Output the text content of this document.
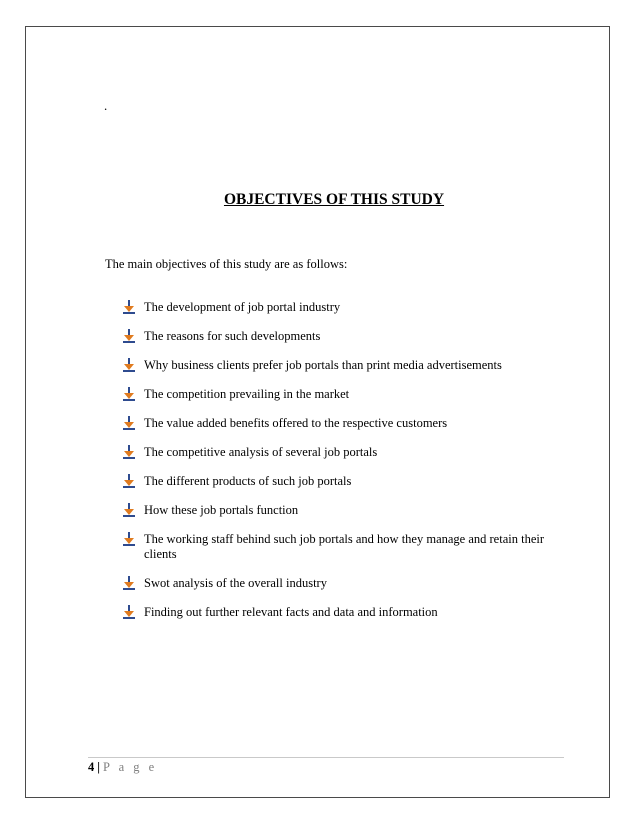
.
OBJECTIVES OF THIS STUDY
The main objectives of this study are as follows:
The development of job portal industry
The reasons for such developments
Why business clients prefer job portals than print media advertisements
The competition prevailing in the market
The value added benefits offered to the respective customers
The competitive analysis of several job portals
The different products of such job portals
How these job portals function
The working staff behind such job portals and how they manage and retain their clients
Swot analysis of the overall industry
Finding out further relevant facts and data and information
4 | P a g e
